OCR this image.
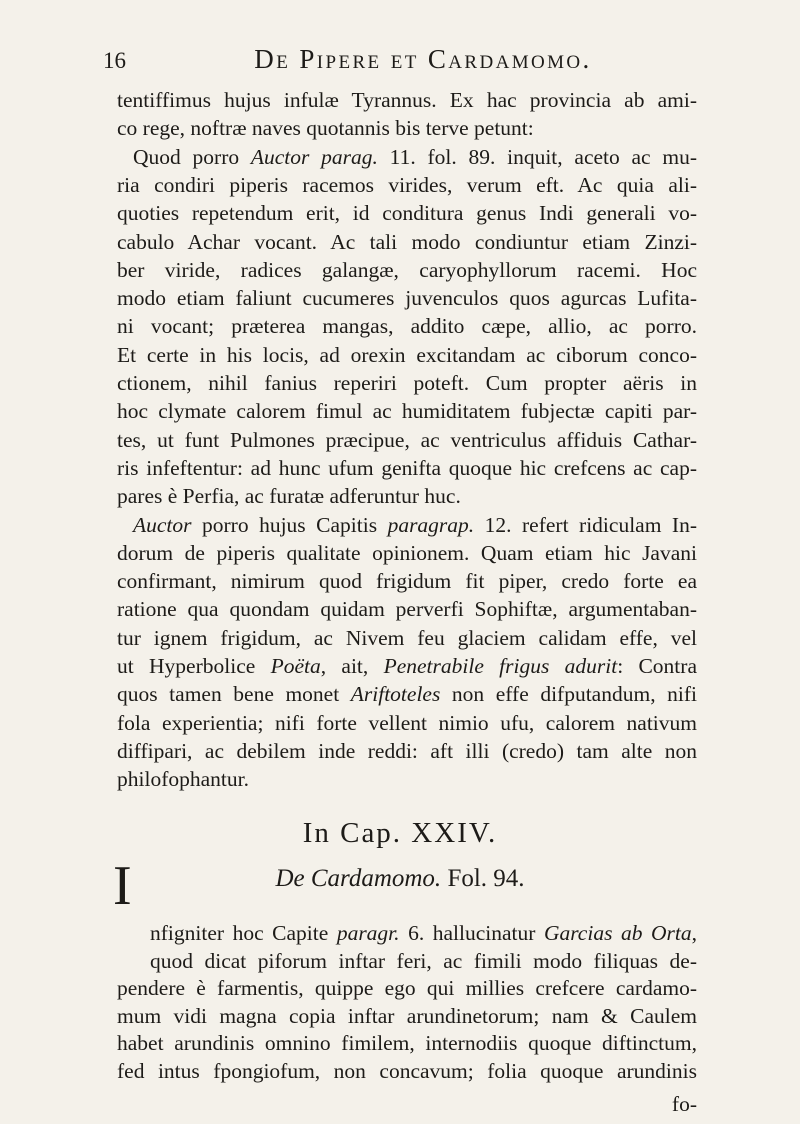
16	De Pipere et Cardamomo.
tentiffimus hujus infulæ Tyrannus. Ex hac provincia ab ami-
co rege, noftræ naves quotannis bis terve petunt:
Quod porro Auctor parag. 11. fol. 89. inquit, aceto ac mu-
ria condiri piperis racemos virides, verum eft. Ac quia ali-
quoties repetendum erit, id conditura genus Indi generali vo-
cabulo Achar vocant. Ac tali modo condiuntur etiam Zinzi-
ber viride, radices galangæ, caryophyllorum racemi. Hoc
modo etiam faliunt cucumeres juvenculos quos agurcas Lufita-
ni vocant; præterea mangas, addito cæpe, allio, ac porro.
Et certe in his locis, ad orexin excitandam ac ciborum conco-
ctionem, nihil fanius reperiri poteft. Cum propter aëris in
hoc clymate calorem fimul ac humiditatem fubjectæ capiti par-
tes, ut funt Pulmones præcipue, ac ventriculus affiduis Cathar-
ris infeftentur: ad hunc ufum genifta quoque hic crefcens ac cap-
pares è Perfia, ac furatæ adferuntur huc.
Auctor porro hujus Capitis paragrap. 12. refert ridiculam In-
dorum de piperis qualitate opinionem. Quam etiam hic Javani
confirmant, nimirum quod frigidum fit piper, credo forte ea
ratione qua quondam quidam perverfi Sophiftæ, argumentaban-
tur ignem frigidum, ac Nivem feu glaciem calidam effe, vel
ut Hyperbolice Poëta, ait, Penetrabile frigus adurit: Contra
quos tamen bene monet Ariftoteles non effe difputandum, nifi
fola experientia; nifi forte vellent nimio ufu, calorem nativum
diffipari, ac debilem inde reddi: aft illi (credo) tam alte non
philofophantur.
In Cap. XXIV.
De Cardamomo. Fol. 94.
I
nfigniter hoc Capite paragr. 6. hallucinatur Garcias ab Orta,
quod dicat piforum inftar feri, ac fimili modo filiquas de-
pendere è farmentis, quippe ego qui millies crefcere cardamo-
mum vidi magna copia inftar arundinetorum; nam & Caulem
habet arundinis omnino fimilem, internodiis quoque diftinctum,
fed intus fpongiofum, non concavum; folia quoque arundinis
fo-
